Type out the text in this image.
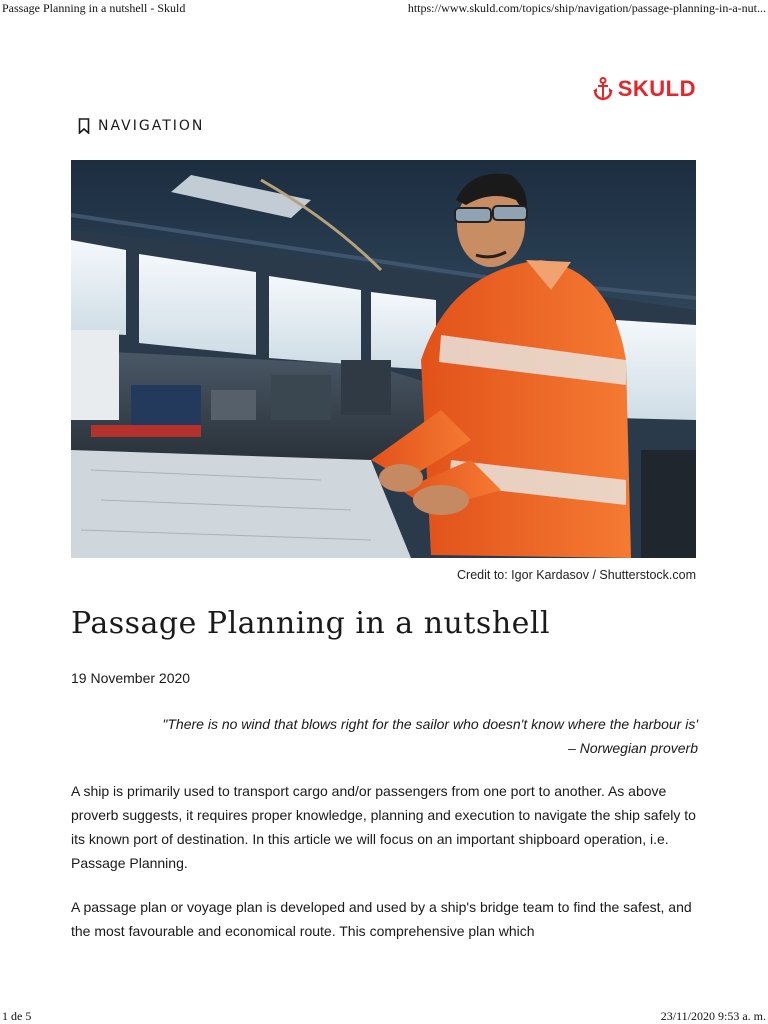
Passage Planning in a nutshell - Skuld	https://www.skuld.com/topics/ship/navigation/passage-planning-in-a-nut...
SKULD
NAVIGATION
Credit to: Igor Kardasov / Shutterstock.com
Passage Planning in a nutshell
19 November 2020
"There is no wind that blows right for the sailor who doesn't know where the harbour is'
– Norwegian proverb

A ship is primarily used to transport cargo and/or passengers from one port to another. As above proverb suggests, it requires proper knowledge, planning and execution to navigate the ship safely to its known port of destination. In this article we will focus on an important shipboard operation, i.e. Passage Planning.

A passage plan or voyage plan is developed and used by a ship's bridge team to find the safest, and the most favourable and economical route. This comprehensive plan which

1 de 5	23/11/2020 9:53 a. m.
